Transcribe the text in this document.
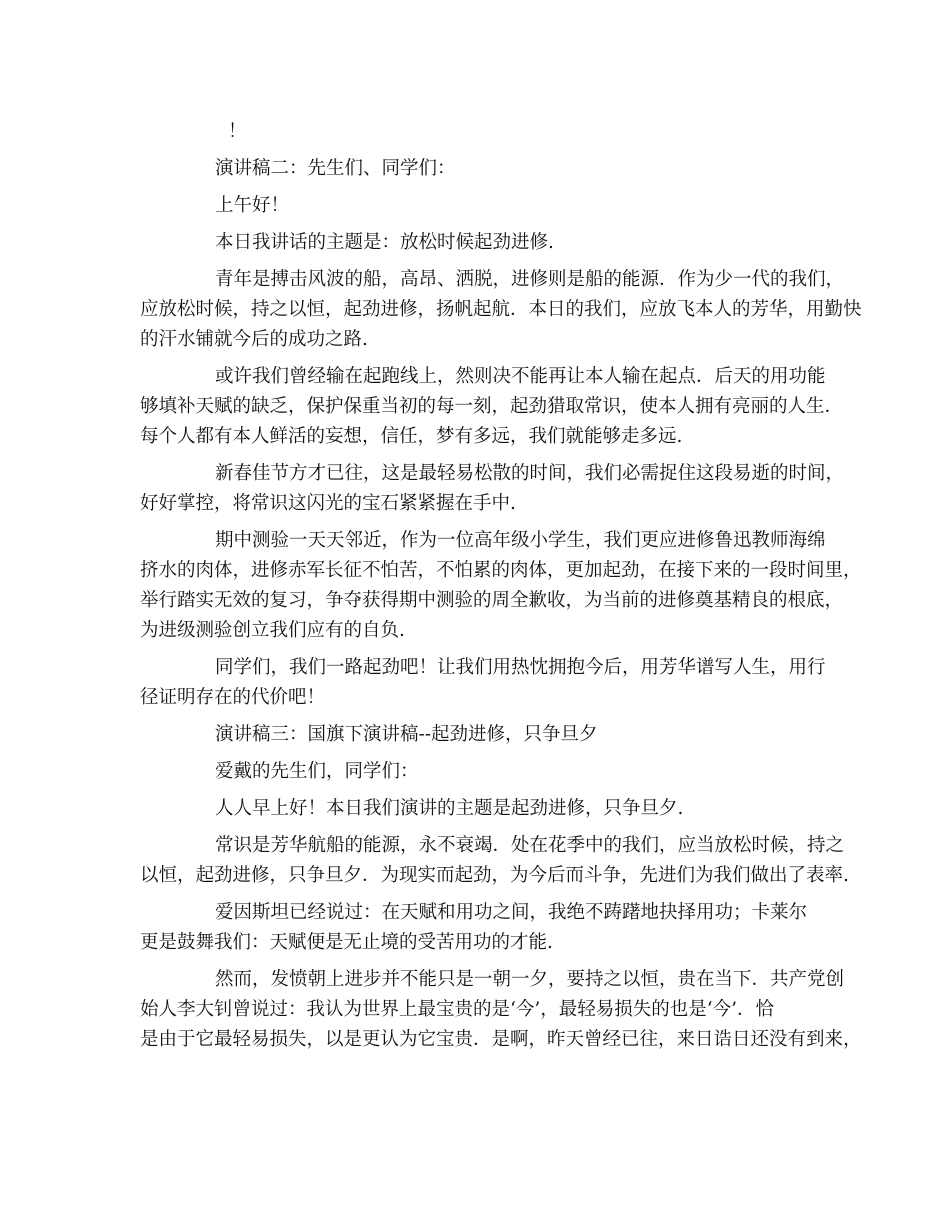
！
演讲稿二：先生们、同学们：
上午好！
本日我讲话的主题是：放松时候起劲进修.
青年是搏击风波的船，高昂、洒脱，进修则是船的能源．作为少一代的我们，
应放松时候，持之以恒，起劲进修，扬帆起航．本日的我们，应放飞本人的芳华，用勤快
的汗水铺就今后的成功之路.
或许我们曾经输在起跑线上，然则决不能再让本人输在起点．后天的用功能
够填补天赋的缺乏，保护保重当初的每一刻，起劲猎取常识，使本人拥有亮丽的人生．
每个人都有本人鲜活的妄想，信任，梦有多远，我们就能够走多远.
新春佳节方才已往，这是最轻易松散的时间，我们必需捉住这段易逝的时间，
好好掌控，将常识这闪光的宝石紧紧握在手中.
期中测验一天天邻近，作为一位高年级小学生，我们更应进修鲁迅教师海绵
挤水的肉体，进修赤军长征不怕苦，不怕累的肉体，更加起劲，在接下来的一段时间里，
举行踏实无效的复习，争夺获得期中测验的周全歉收，为当前的进修奠基精良的根底，
为进级测验创立我们应有的自负.
同学们，我们一路起劲吧！让我们用热忱拥抱今后，用芳华谱写人生，用行
径证明存在的代价吧！
演讲稿三：国旗下演讲稿--起劲进修，只争旦夕
爱戴的先生们，同学们：
人人早上好！本日我们演讲的主题是起劲进修，只争旦夕.
常识是芳华航船的能源，永不衰竭．处在花季中的我们，应当放松时候，持之
以恒，起劲进修，只争旦夕．为现实而起劲，为今后而斗争，先进们为我们做出了表率.
爱因斯坦已经说过：在天赋和用功之间，我绝不踌躇地抉择用功；卡莱尔
更是鼓舞我们：天赋便是无止境的受苦用功的才能.
然而，发愤朝上进步并不能只是一朝一夕，要持之以恒，贵在当下．共产党创
始人李大钊曾说过：我认为世界上最宝贵的是‘今’，最轻易损失的也是‘今’．恰
是由于它最轻易损失，以是更认为它宝贵．是啊，昨天曾经已往，来日诰日还没有到来，
